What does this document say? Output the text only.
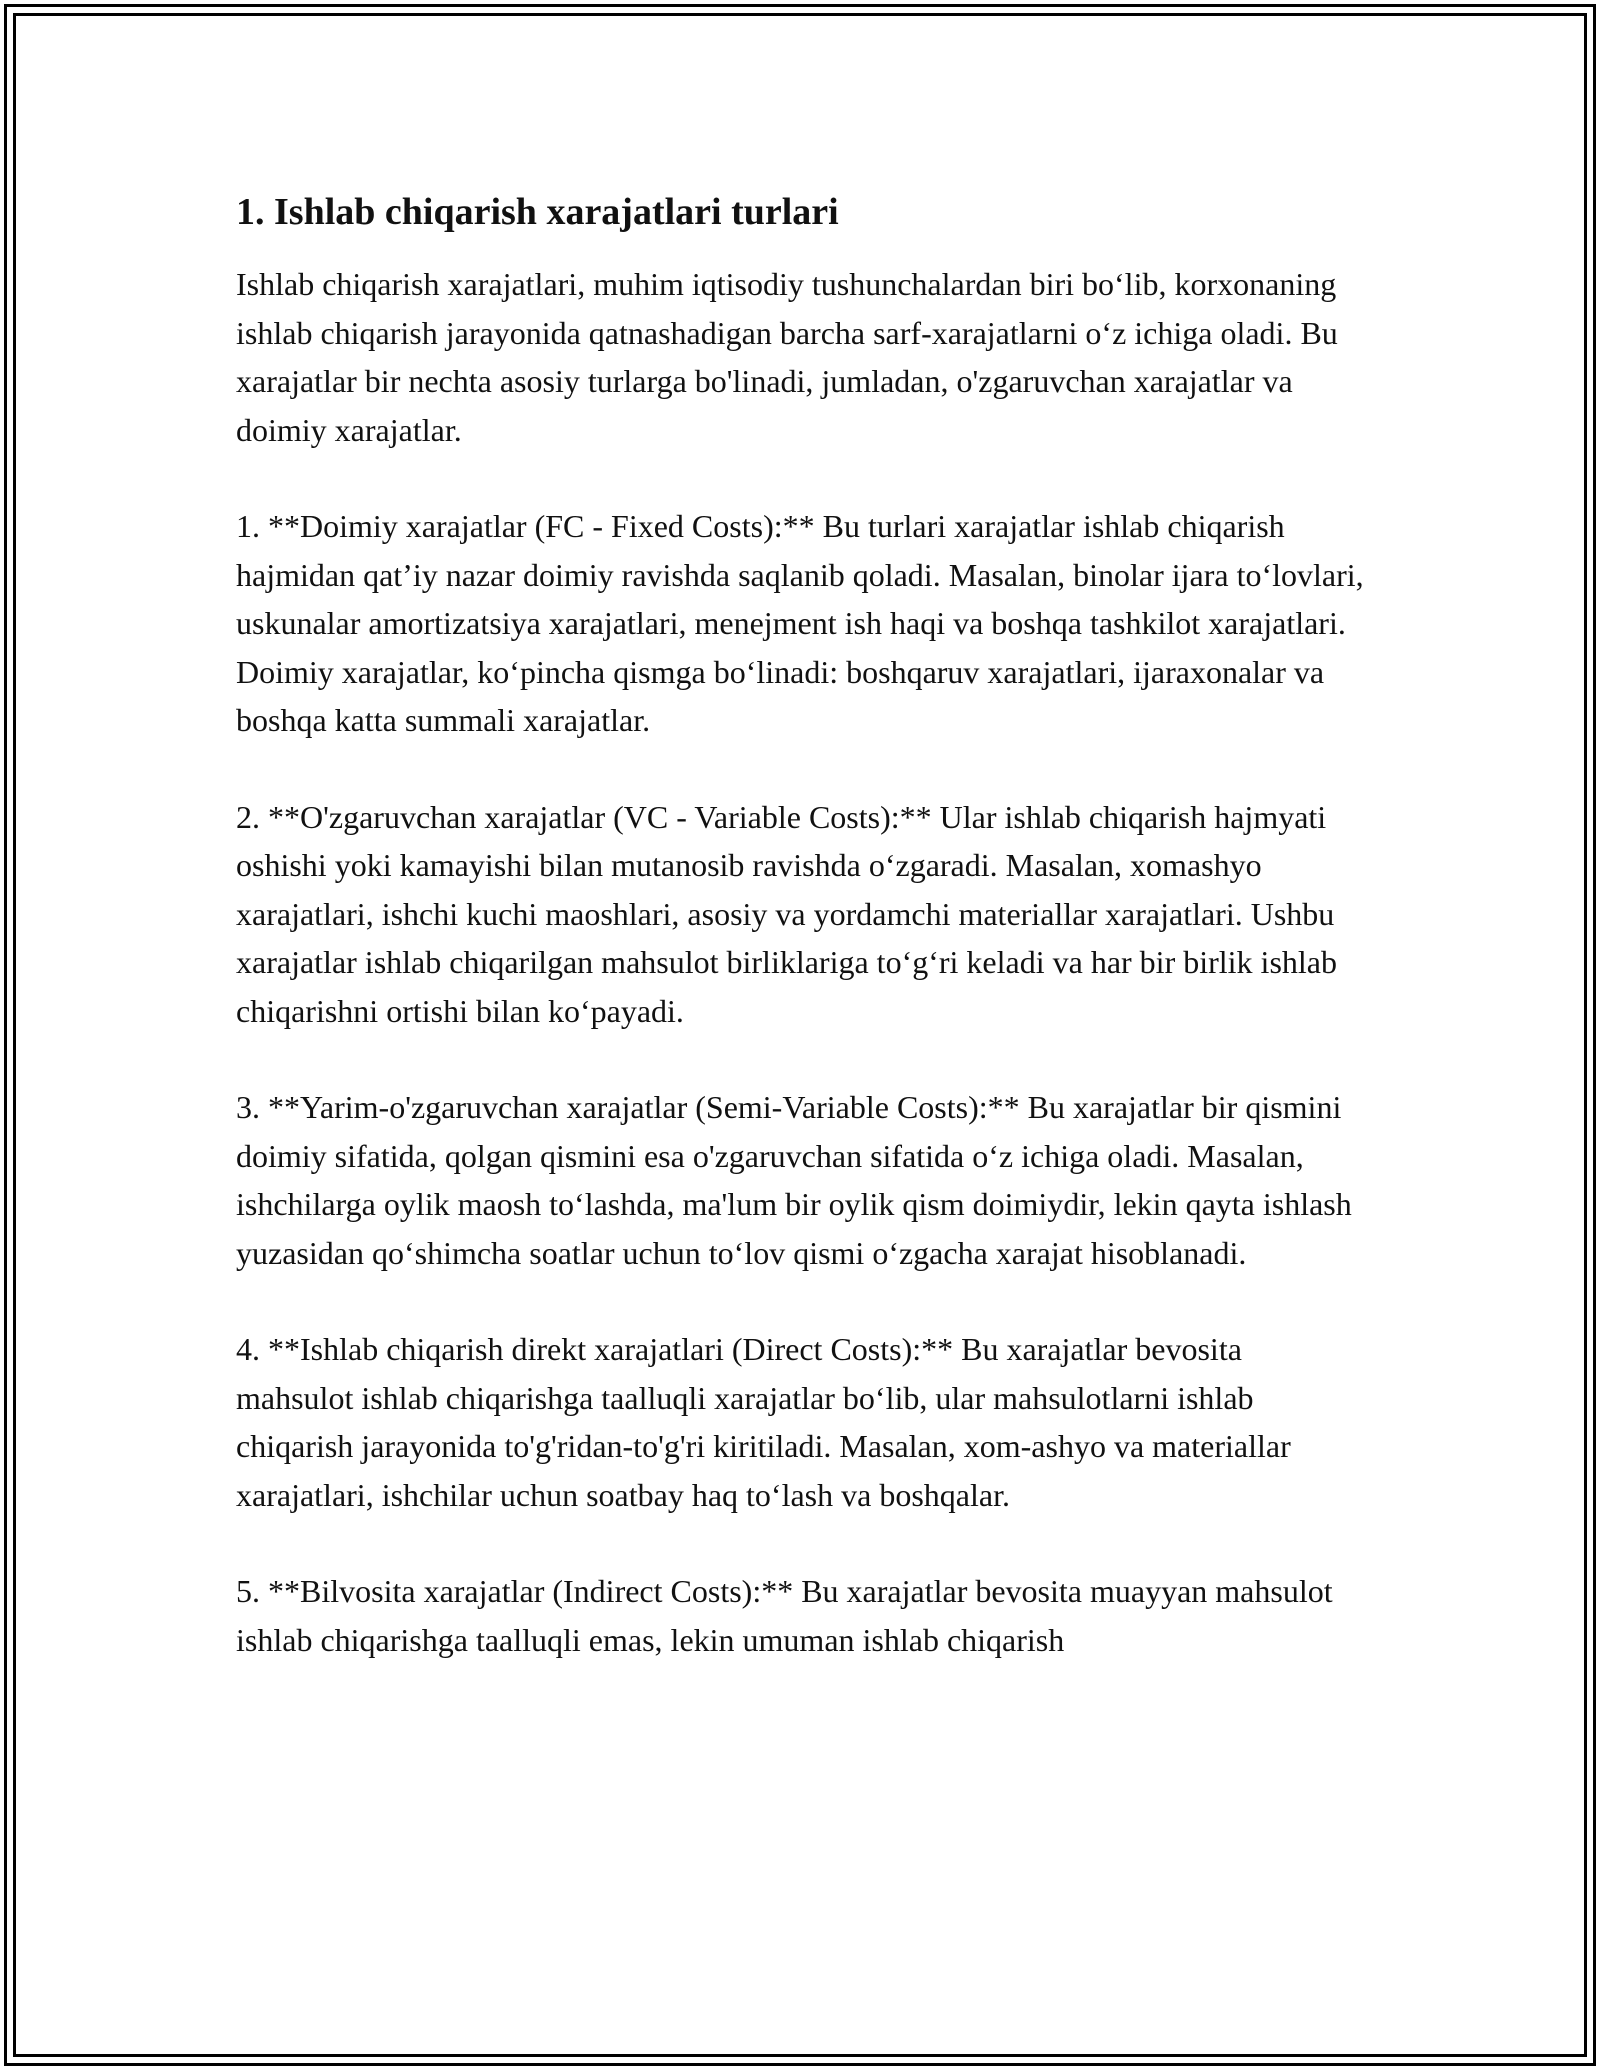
1. Ishlab chiqarish xarajatlari turlari

Ishlab chiqarish xarajatlari, muhim iqtisodiy tushunchalardan biri bo‘lib, korxonaning ishlab chiqarish jarayonida qatnashadigan barcha sarf-xarajatlarni o‘z ichiga oladi. Bu xarajatlar bir nechta asosiy turlarga bo'linadi, jumladan, o'zgaruvchan xarajatlar va doimiy xarajatlar.

1. **Doimiy xarajatlar (FC - Fixed Costs):** Bu turlari xarajatlar ishlab chiqarish hajmidan qat’iy nazar doimiy ravishda saqlanib qoladi. Masalan, binolar ijara to‘lovlari, uskunalar amortizatsiya xarajatlari, menejment ish haqi va boshqa tashkilot xarajatlari. Doimiy xarajatlar, ko‘pincha qismga bo‘linadi: boshqaruv xarajatlari, ijaraxonalar va boshqa katta summali xarajatlar.

2. **O'zgaruvchan xarajatlar (VC - Variable Costs):** Ular ishlab chiqarish hajmyati oshishi yoki kamayishi bilan mutanosib ravishda o‘zgaradi. Masalan, xomashyo xarajatlari, ishchi kuchi maoshlari, asosiy va yordamchi materiallar xarajatlari. Ushbu xarajatlar ishlab chiqarilgan mahsulot birliklariga to‘g‘ri keladi va har bir birlik ishlab chiqarishni ortishi bilan ko‘payadi.

3. **Yarim-o'zgaruvchan xarajatlar (Semi-Variable Costs):** Bu xarajatlar bir qismini doimiy sifatida, qolgan qismini esa o'zgaruvchan sifatida o‘z ichiga oladi. Masalan, ishchilarga oylik maosh to‘lashda, ma'lum bir oylik qism doimiydir, lekin qayta ishlash yuzasidan qo‘shimcha soatlar uchun to‘lov qismi o‘zgacha xarajat hisoblanadi.

4. **Ishlab chiqarish direkt xarajatlari (Direct Costs):** Bu xarajatlar bevosita mahsulot ishlab chiqarishga taalluqli xarajatlar bo‘lib, ular mahsulotlarni ishlab chiqarish jarayonida to'g'ridan-to'g'ri kiritiladi. Masalan, xom-ashyo va materiallar xarajatlari, ishchilar uchun soatbay haq to‘lash va boshqalar.

5. **Bilvosita xarajatlar (Indirect Costs):** Bu xarajatlar bevosita muayyan mahsulot ishlab chiqarishga taalluqli emas, lekin umuman ishlab chiqarish
